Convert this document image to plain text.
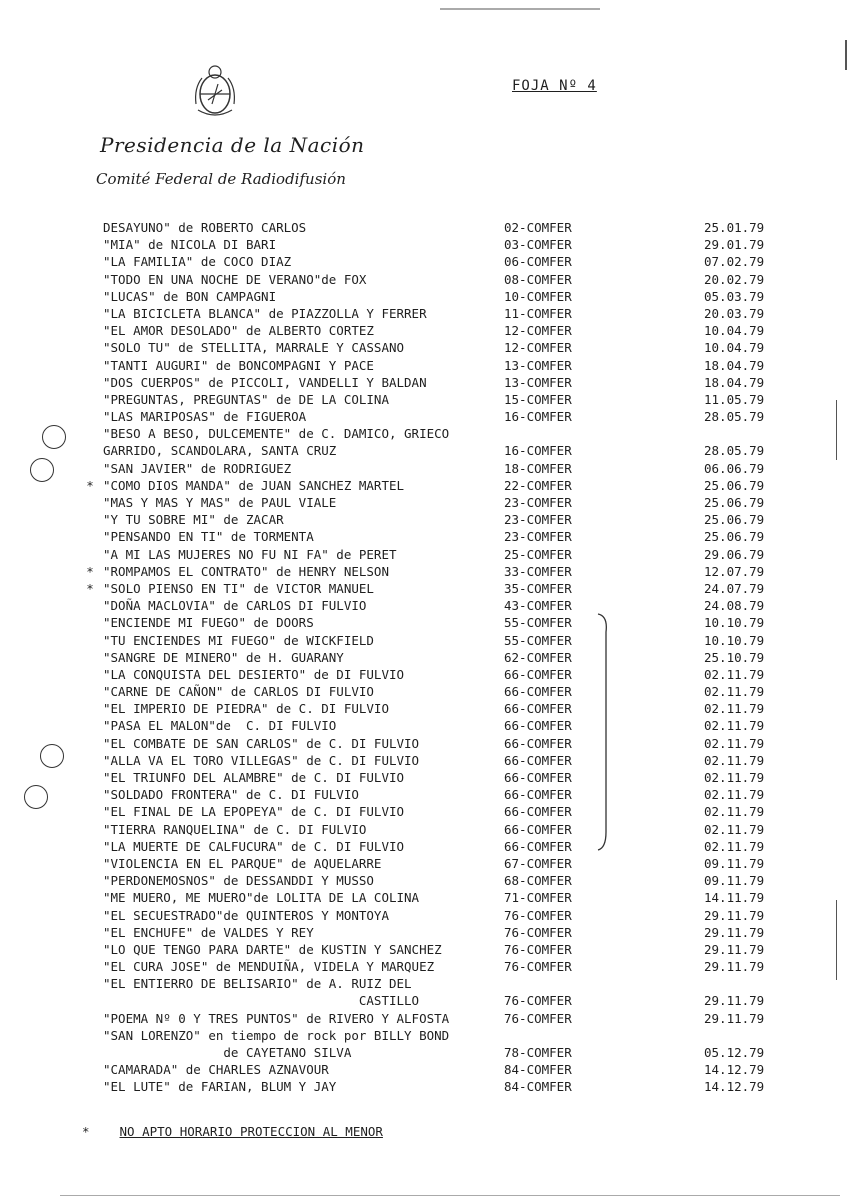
FOJA Nº 4
Presidencia de la Nación
Comité Federal de Radiodifusión
DESAYUNO" de ROBERTO CARLOS	02-COMFER	25.01.79
"MIA" de NICOLA DI BARI	03-COMFER	29.01.79
"LA FAMILIA" de COCO DIAZ	06-COMFER	07.02.79
"TODO EN UNA NOCHE DE VERANO"de FOX	08-COMFER	20.02.79
"LUCAS" de BON CAMPAGNI	10-COMFER	05.03.79
"LA BICICLETA BLANCA" de PIAZZOLLA Y FERRER	11-COMFER	20.03.79
"EL AMOR DESOLADO" de ALBERTO CORTEZ	12-COMFER	10.04.79
"SOLO TU" de STELLITA, MARRALE Y CASSANO	12-COMFER	10.04.79
"TANTI AUGURI" de BONCOMPAGNI Y PACE	13-COMFER	18.04.79
"DOS CUERPOS" de PICCOLI, VANDELLI Y BALDAN	13-COMFER	18.04.79
"PREGUNTAS, PREGUNTAS" de DE LA COLINA	15-COMFER	11.05.79
"LAS MARIPOSAS" de FIGUEROA	16-COMFER	28.05.79
"BESO A BESO, DULCEMENTE" de C. DAMICO, GRIECO
GARRIDO, SCANDOLARA, SANTA CRUZ	16-COMFER	28.05.79
"SAN JAVIER" de RODRIGUEZ	18-COMFER	06.06.79
* "COMO DIOS MANDA" de JUAN SANCHEZ MARTEL	22-COMFER	25.06.79
"MAS Y MAS Y MAS" de PAUL VIALE	23-COMFER	25.06.79
"Y TU SOBRE MI" de ZACAR	23-COMFER	25.06.79
"PENSANDO EN TI" de TORMENTA	23-COMFER	25.06.79
"A MI LAS MUJERES NO FU NI FA" de PERET	25-COMFER	29.06.79
* "ROMPAMOS EL CONTRATO" de HENRY NELSON	33-COMFER	12.07.79
* "SOLO PIENSO EN TI" de VICTOR MANUEL	35-COMFER	24.07.79
"DOÑA MACLOVIA" de CARLOS DI FULVIO	43-COMFER	24.08.79
"ENCIENDE MI FUEGO" de DOORS	55-COMFER	10.10.79
"TU ENCIENDES MI FUEGO" de WICKFIELD	55-COMFER	10.10.79
"SANGRE DE MINERO" de H. GUARANY	62-COMFER	25.10.79
"LA CONQUISTA DEL DESIERTO" de DI FULVIO	66-COMFER	02.11.79
"CARNE DE CAÑON" de CARLOS DI FULVIO	66-COMFER	02.11.79
"EL IMPERIO DE PIEDRA" de C. DI FULVIO	66-COMFER	02.11.79
"PASA EL MALON"de  C. DI FULVIO	66-COMFER	02.11.79
"EL COMBATE DE SAN CARLOS" de C. DI FULVIO	66-COMFER	02.11.79
"ALLA VA EL TORO VILLEGAS" de C. DI FULVIO	66-COMFER	02.11.79
"EL TRIUNFO DEL ALAMBRE" de C. DI FULVIO	66-COMFER	02.11.79
"SOLDADO FRONTERA" de C. DI FULVIO	66-COMFER	02.11.79
"EL FINAL DE LA EPOPEYA" de C. DI FULVIO	66-COMFER	02.11.79
"TIERRA RANQUELINA" de C. DI FULVIO	66-COMFER	02.11.79
"LA MUERTE DE CALFUCURA" de C. DI FULVIO	66-COMFER	02.11.79
"VIOLENCIA EN EL PARQUE" de AQUELARRE	67-COMFER	09.11.79
"PERDONEMOSNOS" de DESSANDDI Y MUSSO	68-COMFER	09.11.79
"ME MUERO, ME MUERO"de LOLITA DE LA COLINA	71-COMFER	14.11.79
"EL SECUESTRADO"de QUINTEROS Y MONTOYA	76-COMFER	29.11.79
"EL ENCHUFE" de VALDES Y REY	76-COMFER	29.11.79
"LO QUE TENGO PARA DARTE" de KUSTIN Y SANCHEZ	76-COMFER	29.11.79
"EL CURA JOSE" de MENDUIÑA, VIDELA Y MARQUEZ	76-COMFER	29.11.79
"EL ENTIERRO DE BELISARIO" de A. RUIZ DEL
CASTILLO	76-COMFER	29.11.79
"POEMA Nº 0 Y TRES PUNTOS" de RIVERO Y ALFOSTA	76-COMFER	29.11.79
"SAN LORENZO" en tiempo de rock por BILLY BOND
de CAYETANO SILVA	78-COMFER	05.12.79
"CAMARADA" de CHARLES AZNAVOUR	84-COMFER	14.12.79
"EL LUTE" de FARIAN, BLUM Y JAY	84-COMFER	14.12.79
* NO APTO HORARIO PROTECCION AL MENOR
